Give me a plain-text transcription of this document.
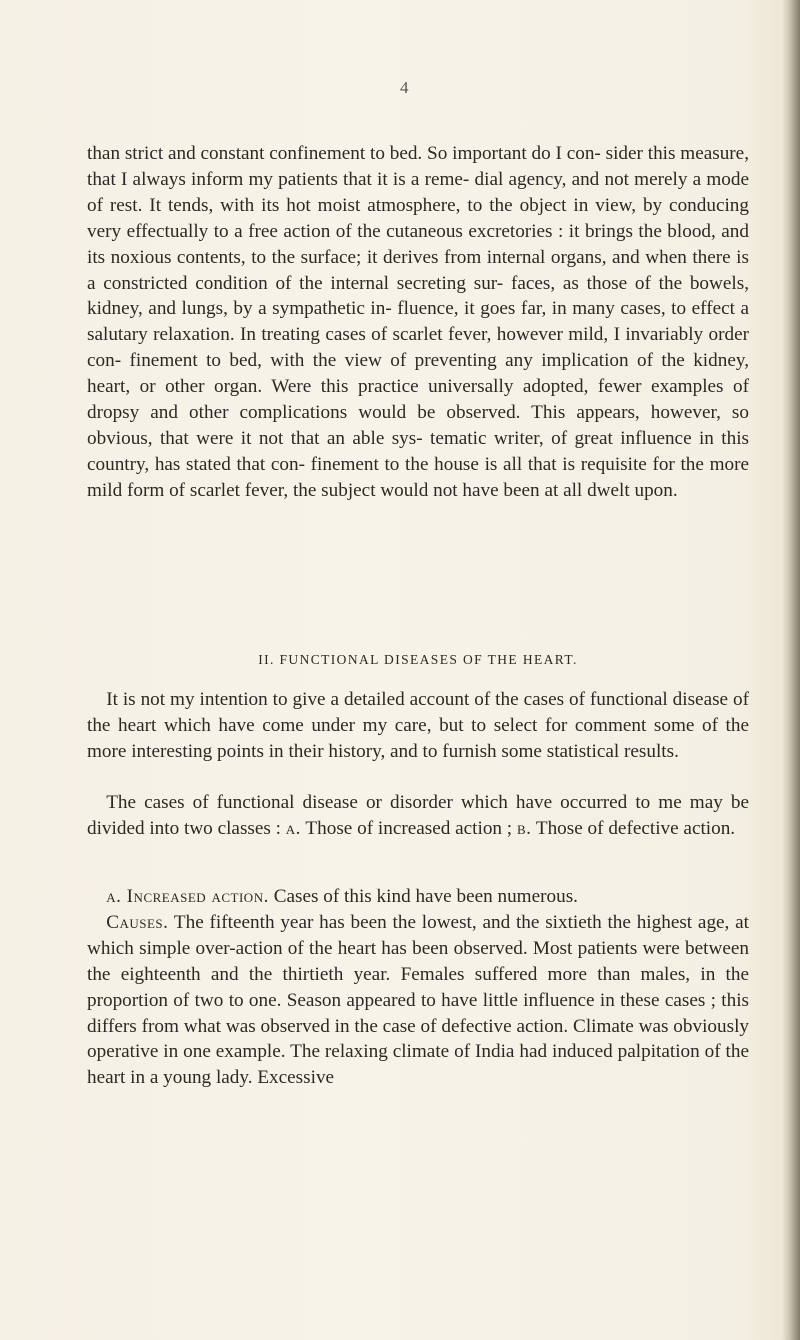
4

than strict and constant confinement to bed. So important do I con- sider this measure, that I always inform my patients that it is a reme- dial agency, and not merely a mode of rest. It tends, with its hot moist atmosphere, to the object in view, by conducing very effectually to a free action of the cutaneous excretories : it brings the blood, and its noxious contents, to the surface; it derives from internal organs, and when there is a constricted condition of the internal secreting sur- faces, as those of the bowels, kidney, and lungs, by a sympathetic in- fluence, it goes far, in many cases, to effect a salutary relaxation. In treating cases of scarlet fever, however mild, I invariably order con- finement to bed, with the view of preventing any implication of the kidney, heart, or other organ. Were this practice universally adopted, fewer examples of dropsy and other complications would be observed. This appears, however, so obvious, that were it not that an able sys- tematic writer, of great influence in this country, has stated that con- finement to the house is all that is requisite for the more mild form of scarlet fever, the subject would not have been at all dwelt upon.

II. FUNCTIONAL DISEASES OF THE HEART.

 It is not my intention to give a detailed account of the cases of functional disease of the heart which have come under my care, but to select for comment some of the more interesting points in their history, and to furnish some statistical results.

 The cases of functional disease or disorder which have occurred to me may be divided into two classes : a. Those of increased action ; b. Those of defective action.

 a. Increased action. Cases of this kind have been numerous.
 Causes. The fifteenth year has been the lowest, and the sixtieth the highest age, at which simple over-action of the heart has been observed. Most patients were between the eighteenth and the thirtieth year. Females suffered more than males, in the proportion of two to one. Season appeared to have little influence in these cases ; this differs from what was observed in the case of defective action. Climate was obviously operative in one example. The relaxing climate of India had induced palpitation of the heart in a young lady. Excessive
